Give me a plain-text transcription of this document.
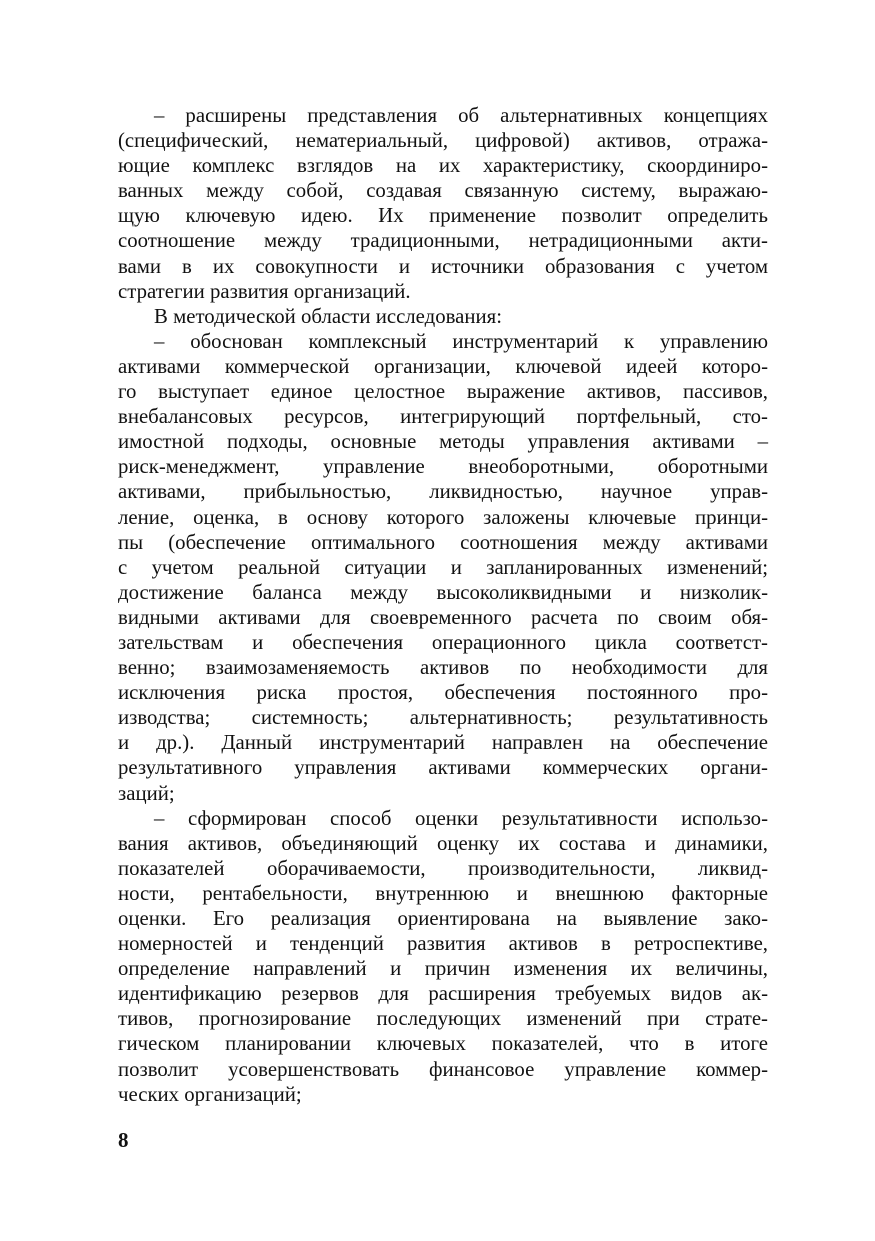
– расширены представления об альтернативных концепциях
(специфический, нематериальный, цифровой) активов, отража-
ющие комплекс взглядов на их характеристику, скоординиро-
ванных между собой, создавая связанную систему, выражаю-
щую ключевую идею. Их применение позволит определить
соотношение между традиционными, нетрадиционными акти-
вами в их совокупности и источники образования с учетом
стратегии развития организаций.
В методической области исследования:
– обоснован комплексный инструментарий к управлению
активами коммерческой организации, ключевой идеей которо-
го выступает единое целостное выражение активов, пассивов,
внебалансовых ресурсов, интегрирующий портфельный, сто-
имостной подходы, основные методы управления активами –
риск-менеджмент, управление внеоборотными, оборотными
активами, прибыльностью, ликвидностью, научное управ-
ление, оценка, в основу которого заложены ключевые принци-
пы (обеспечение оптимального соотношения между активами
с учетом реальной ситуации и запланированных изменений;
достижение баланса между высоколиквидными и низколик-
видными активами для своевременного расчета по своим обя-
зательствам и обеспечения операционного цикла соответст-
венно; взаимозаменяемость активов по необходимости для
исключения риска простоя, обеспечения постоянного про-
изводства; системность; альтернативность; результативность
и др.). Данный инструментарий направлен на обеспечение
результативного управления активами коммерческих органи-
заций;
– сформирован способ оценки результативности использо-
вания активов, объединяющий оценку их состава и динамики,
показателей оборачиваемости, производительности, ликвид-
ности, рентабельности, внутреннюю и внешнюю факторные
оценки. Его реализация ориентирована на выявление зако-
номерностей и тенденций развития активов в ретроспективе,
определение направлений и причин изменения их величины,
идентификацию резервов для расширения требуемых видов ак-
тивов, прогнозирование последующих изменений при страте-
гическом планировании ключевых показателей, что в итоге
позволит усовершенствовать финансовое управление коммер-
ческих организаций;
8
